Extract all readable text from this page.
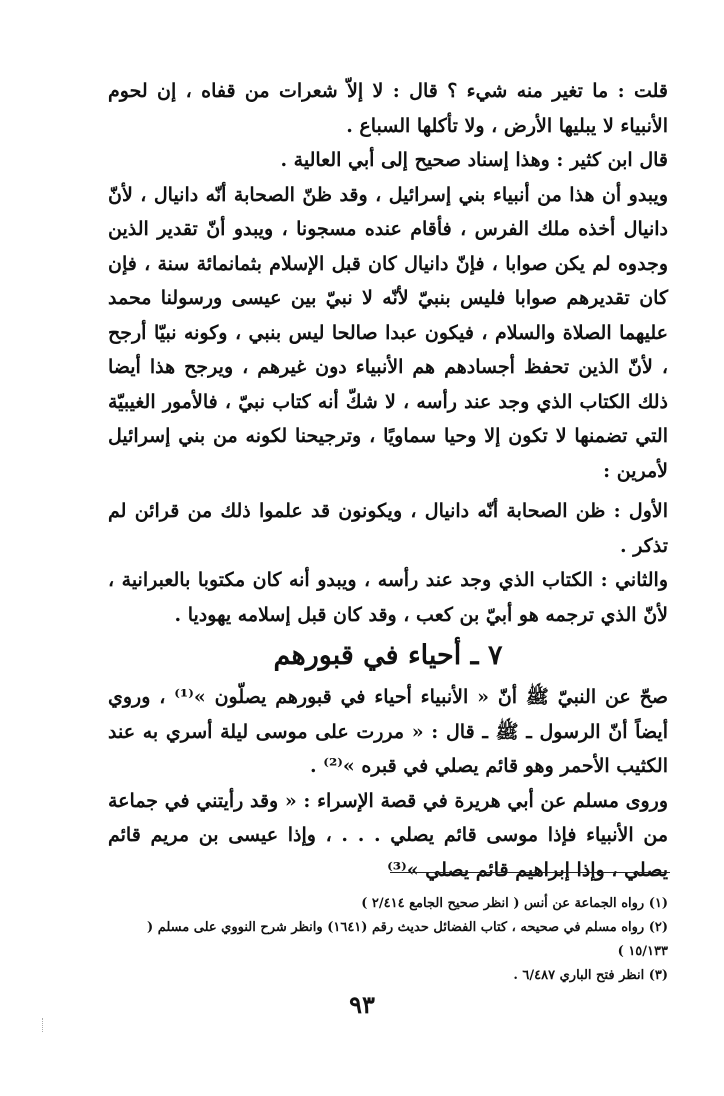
قلت : ما تغير منه شيء ؟ قال : لا إلاّ شعرات من قفاه ، إن لحوم الأنبياء لا يبليها الأرض ، ولا تأكلها السباع .

قال ابن كثير : وهذا إسناد صحيح إلى أبي العالية .

ويبدو أن هذا من أنبياء بني إسرائيل ، وقد ظنّ الصحابة أنّه دانيال ، لأنّ دانيال أخذه ملك الفرس ، فأقام عنده مسجونا ، ويبدو أنّ تقدير الذين وجدوه لم يكن صوابا ، فإنّ دانيال كان قبل الإسلام بثمانمائة سنة ، فإن كان تقديرهم صوابا فليس بنبيّ لأنّه لا نبيّ بين عيسى ورسولنا محمد عليهما الصلاة والسلام ، فيكون عبدا صالحا ليس بنبي ، وكونه نبيّا أرجح ، لأنّ الذين تحفظ أجسادهم هم الأنبياء دون غيرهم ، ويرجح هذا أيضا ذلك الكتاب الذي وجد عند رأسه ، لا شكّ أنه كتاب نبيّ ، فالأمور الغيبيّة التي تضمنها لا تكون إلا وحيا سماويًا ، وترجيحنا لكونه من بني إسرائيل لأمرين :

الأول : ظن الصحابة أنّه دانيال ، ويكونون قد علموا ذلك من قرائن لم تذكر .

والثاني : الكتاب الذي وجد عند رأسه ، ويبدو أنه كان مكتوبا بالعبرانية ، لأنّ الذي ترجمه هو أبيّ بن كعب ، وقد كان قبل إسلامه يهوديا .

٧ ـ أحياء في قبورهم

صحّ عن النبيّ ﷺ أنّ « الأنبياء أحياء في قبورهم يصلّون »⁽¹⁾ ، وروي أيضاً أنّ الرسول ـ ﷺ ـ قال : « مررت على موسى ليلة أسري به عند الكثيب الأحمر وهو قائم يصلي في قبره »⁽²⁾ .

وروى مسلم عن أبي هريرة في قصة الإسراء : « وقد رأيتني في جماعة من الأنبياء فإذا موسى قائم يصلي . . . ، وإذا عيسى بن مريم قائم يصلي ، وإذا إبراهيم قائم يصلي »⁽³⁾

(١) رواه الجماعة عن أنس ( انظر صحيح الجامع ٢/٤١٤ )

(٢) رواه مسلم في صحيحه ، كتاب الفضائل حديث رقم (١٦٤١) وانظر شرح النووي على مسلم ( ١٥/١٣٣ )

(٣) انظر فتح الباري ٦/٤٨٧ .

٩٣
